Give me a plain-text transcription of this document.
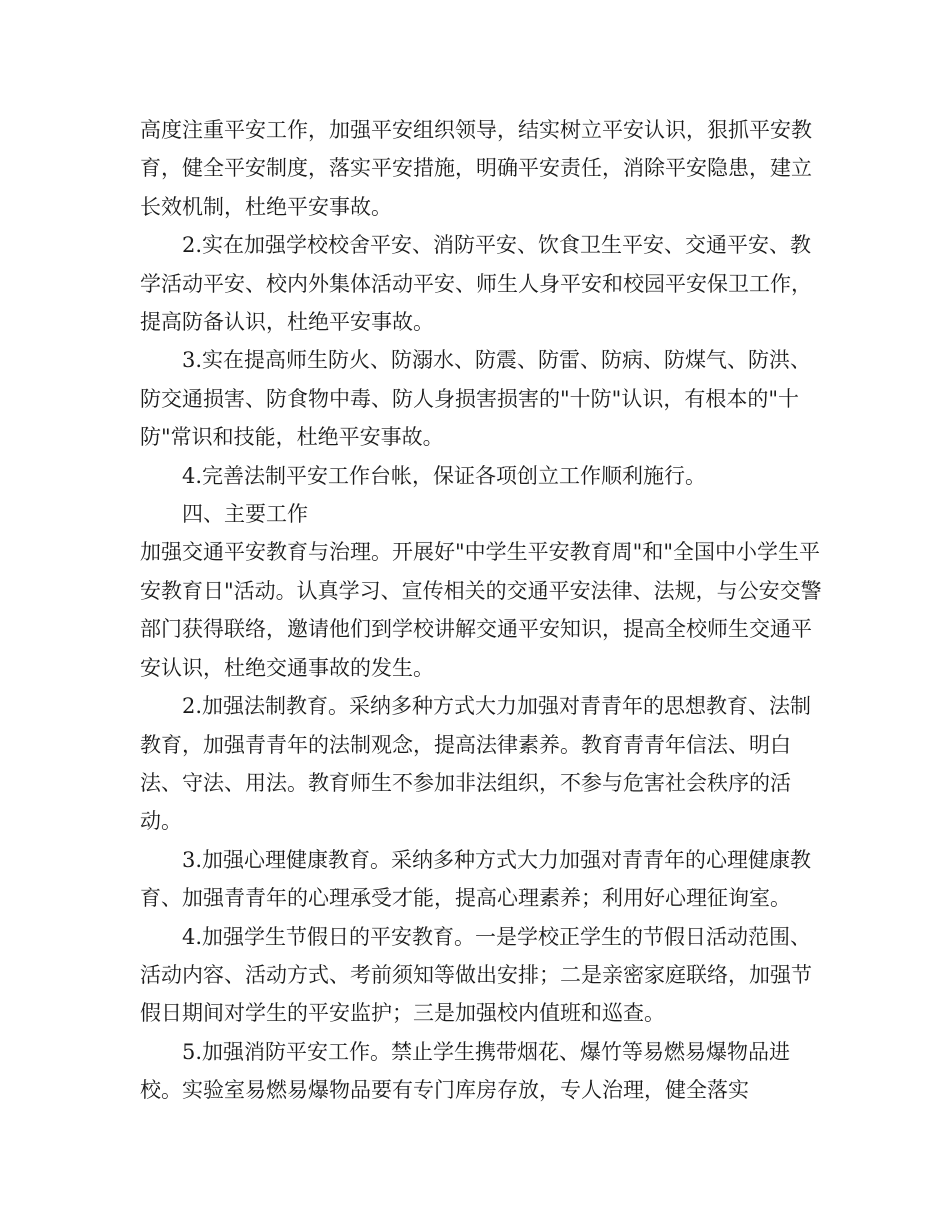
高度注重平安工作，加强平安组织领导，结实树立平安认识，狠抓平安教育，健全平安制度，落实平安措施，明确平安责任，消除平安隐患，建立长效机制，杜绝平安事故。

2.实在加强学校校舍平安、消防平安、饮食卫生平安、交通平安、教学活动平安、校内外集体活动平安、师生人身平安和校园平安保卫工作，提高防备认识，杜绝平安事故。

3.实在提高师生防火、防溺水、防震、防雷、防病、防煤气、防洪、防交通损害、防食物中毒、防人身损害损害的"十防"认识，有根本的"十防"常识和技能，杜绝平安事故。

4.完善法制平安工作台帐，保证各项创立工作顺利施行。

四、主要工作

加强交通平安教育与治理。开展好"中学生平安教育周"和"全国中小学生平安教育日"活动。认真学习、宣传相关的交通平安法律、法规，与公安交警部门获得联络，邀请他们到学校讲解交通平安知识，提高全校师生交通平安认识，杜绝交通事故的发生。

2.加强法制教育。采纳多种方式大力加强对青青年的思想教育、法制教育，加强青青年的法制观念，提高法律素养。教育青青年信法、明白法、守法、用法。教育师生不参加非法组织，不参与危害社会秩序的活动。

3.加强心理健康教育。采纳多种方式大力加强对青青年的心理健康教育、加强青青年的心理承受才能，提高心理素养；利用好心理征询室。

4.加强学生节假日的平安教育。一是学校正学生的节假日活动范围、活动内容、活动方式、考前须知等做出安排；二是亲密家庭联络，加强节假日期间对学生的平安监护；三是加强校内值班和巡查。

5.加强消防平安工作。禁止学生携带烟花、爆竹等易燃易爆物品进校。实验室易燃易爆物品要有专门库房存放，专人治理，健全落实
